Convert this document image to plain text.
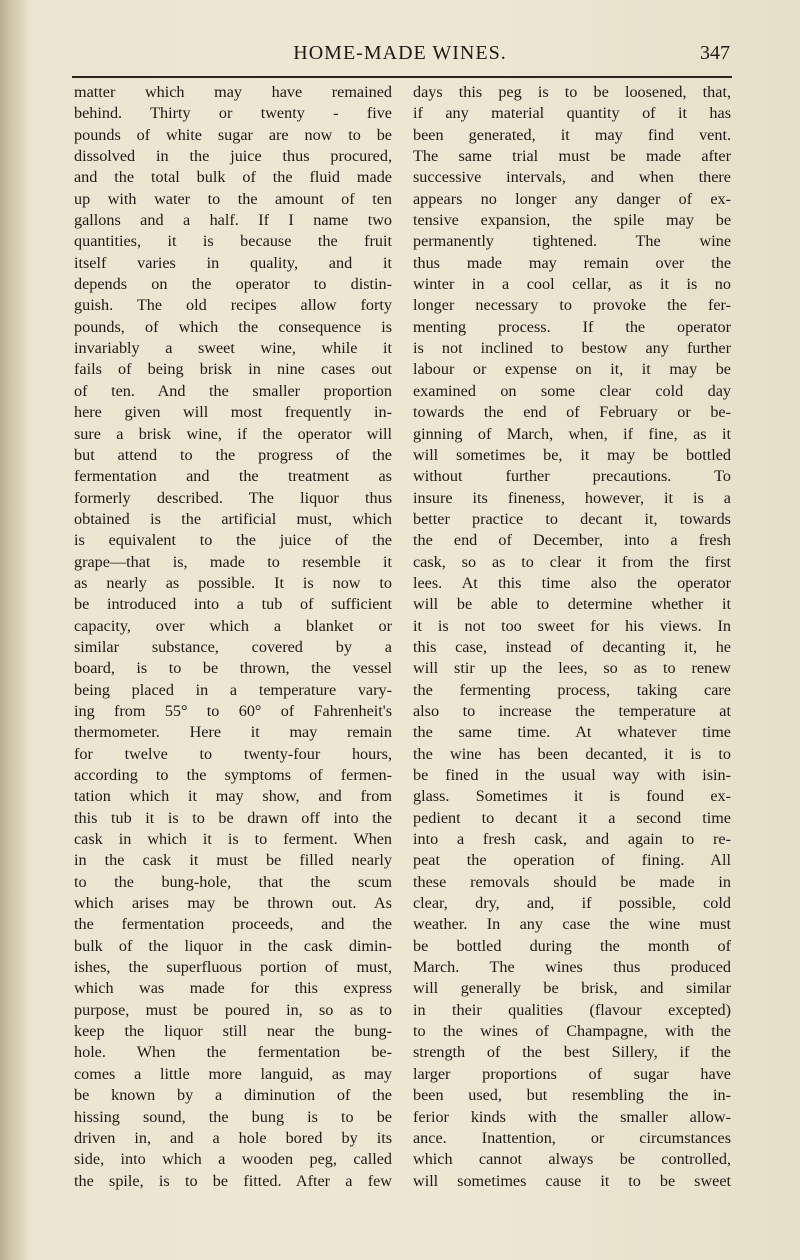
HOME-MADE WINES.	347
matter which may have remained
behind. Thirty or twenty - five
pounds of white sugar are now to be
dissolved in the juice thus procured,
and the total bulk of the fluid made
up with water to the amount of ten
gallons and a half. If I name two
quantities, it is because the fruit
itself varies in quality, and it
depends on the operator to distin-
guish. The old recipes allow forty
pounds, of which the consequence is
invariably a sweet wine, while it
fails of being brisk in nine cases out
of ten. And the smaller proportion
here given will most frequently in-
sure a brisk wine, if the operator will
but attend to the progress of the
fermentation and the treatment as
formerly described. The liquor thus
obtained is the artificial must, which
is equivalent to the juice of the
grape—that is, made to resemble it
as nearly as possible. It is now to
be introduced into a tub of sufficient
capacity, over which a blanket or
similar substance, covered by a
board, is to be thrown, the vessel
being placed in a temperature vary-
ing from 55° to 60° of Fahrenheit's
thermometer. Here it may remain
for twelve to twenty-four hours,
according to the symptoms of fermen-
tation which it may show, and from
this tub it is to be drawn off into the
cask in which it is to ferment. When
in the cask it must be filled nearly
to the bung-hole, that the scum
which arises may be thrown out. As
the fermentation proceeds, and the
bulk of the liquor in the cask dimin-
ishes, the superfluous portion of must,
which was made for this express
purpose, must be poured in, so as to
keep the liquor still near the bung-
hole. When the fermentation be-
comes a little more languid, as may
be known by a diminution of the
hissing sound, the bung is to be
driven in, and a hole bored by its
side, into which a wooden peg, called
the spile, is to be fitted. After a few
days this peg is to be loosened, that,
if any material quantity of it has
been generated, it may find vent.
The same trial must be made after
successive intervals, and when there
appears no longer any danger of ex-
tensive expansion, the spile may be
permanently tightened. The wine
thus made may remain over the
winter in a cool cellar, as it is no
longer necessary to provoke the fer-
menting process. If the operator
is not inclined to bestow any further
labour or expense on it, it may be
examined on some clear cold day
towards the end of February or be-
ginning of March, when, if fine, as it
will sometimes be, it may be bottled
without further precautions. To
insure its fineness, however, it is a
better practice to decant it, towards
the end of December, into a fresh
cask, so as to clear it from the first
lees. At this time also the operator
will be able to determine whether it
it is not too sweet for his views. In
this case, instead of decanting it, he
will stir up the lees, so as to renew
the fermenting process, taking care
also to increase the temperature at
the same time. At whatever time
the wine has been decanted, it is to
be fined in the usual way with isin-
glass. Sometimes it is found ex-
pedient to decant it a second time
into a fresh cask, and again to re-
peat the operation of fining. All
these removals should be made in
clear, dry, and, if possible, cold
weather. In any case the wine must
be bottled during the month of
March. The wines thus produced
will generally be brisk, and similar
in their qualities (flavour excepted)
to the wines of Champagne, with the
strength of the best Sillery, if the
larger proportions of sugar have
been used, but resembling the in-
ferior kinds with the smaller allow-
ance. Inattention, or circumstances
which cannot always be controlled,
will sometimes cause it to be sweet
